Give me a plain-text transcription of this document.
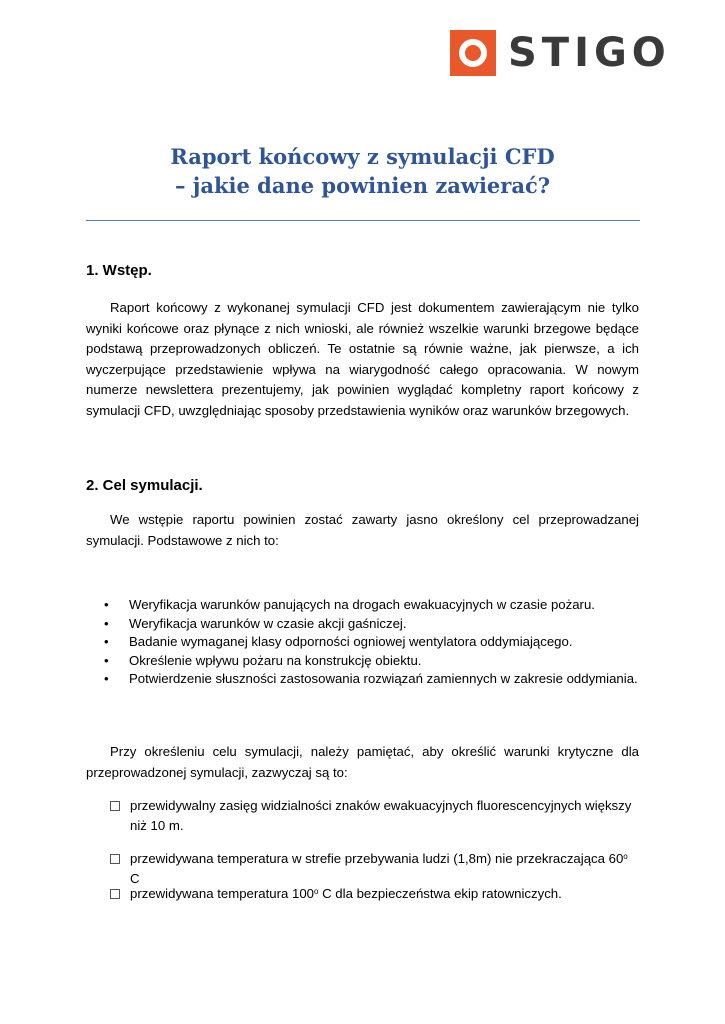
STIGO
Raport końcowy z symulacji CFD
– jakie dane powinien zawierać?
1. Wstęp.
Raport końcowy z wykonanej symulacji CFD jest dokumentem zawierającym nie tylko wyniki końcowe oraz płynące z nich wnioski, ale również wszelkie warunki brzegowe będące podstawą przeprowadzonych obliczeń. Te ostatnie są równie ważne, jak pierwsze, a ich wyczerpujące przedstawienie wpływa na wiarygodność całego opracowania. W nowym numerze newslettera prezentujemy, jak powinien wyglądać kompletny raport końcowy z symulacji CFD, uwzględniając sposoby przedstawienia wyników oraz warunków brzegowych.
2. Cel symulacji.
We wstępie raportu powinien zostać zawarty jasno określony cel przeprowadzanej symulacji. Podstawowe z nich to:
• Weryfikacja warunków panujących na drogach ewakuacyjnych w czasie pożaru.
• Weryfikacja warunków w czasie akcji gaśniczej.
• Badanie wymaganej klasy odporności ogniowej wentylatora oddymiającego.
• Określenie wpływu pożaru na konstrukcję obiektu.
• Potwierdzenie słuszności zastosowania rozwiązań zamiennych w zakresie oddymiania.
Przy określeniu celu symulacji, należy pamiętać, aby określić warunki krytyczne dla przeprowadzonej symulacji, zazwyczaj są to:
przewidywalny zasięg widzialności znaków ewakuacyjnych fluorescencyjnych większy niż 10 m.
przewidywana temperatura w strefie przebywania ludzi (1,8m) nie przekraczająca 60$^o$ C
przewidywana temperatura 100$^o$ C dla bezpieczeństwa ekip ratowniczych.
